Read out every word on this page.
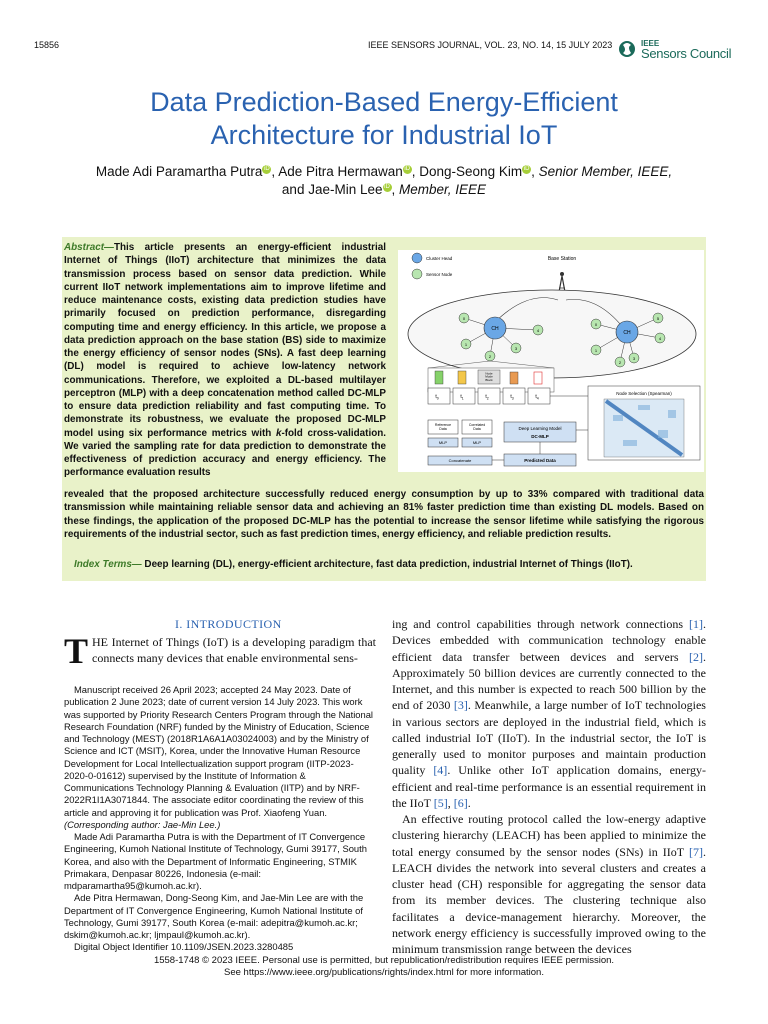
15856	IEEE SENSORS JOURNAL, VOL. 23, NO. 14, 15 JULY 2023	IEEE
Sensors Council
Data Prediction-Based Energy-Efficient
Architecture for Industrial IoT
Made Adi Paramartha Putra iD , Ade Pitra Hermawan iD , Dong-Seong Kim iD , Senior Member, IEEE,
and Jae-Min Lee iD , Member, IEEE
Abstract—This article presents an energy-efficient industrial Internet of Things (IIoT) architecture that minimizes the data transmission process based on sensor data prediction. While current IIoT network implementations aim to improve lifetime and reduce maintenance costs, existing data prediction studies have primarily focused on prediction performance, disregarding computing time and energy efficiency. In this article, we propose a data prediction approach on the base station (BS) side to maximize the energy efficiency of sensor nodes (SNs). A fast deep learning (DL) model is required to achieve low-latency network communications. Therefore, we exploited a DL-based multilayer perceptron (MLP) with a deep concatenation method called DC-MLP to ensure data prediction reliability and fast computing time. To demonstrate its robustness, we evaluate the proposed DC-MLP model using six performance metrics with k-fold cross-validation. We varied the sampling rate for data prediction to demonstrate the effectiveness of prediction accuracy and energy efficiency. The performance evaluation results
revealed that the proposed architecture successfully reduced energy consumption by up to 33% compared with traditional data transmission while maintaining reliable sensor data and achieving an 81% faster prediction time than existing DL models. Based on these findings, the application of the proposed DC-MLP has the potential to increase the sensor lifetime while satisfying the rigorous requirements of the industrial sector, such as fast prediction times, energy efficiency, and reliable prediction results.
Index Terms— Deep learning (DL), energy-efficient architecture, fast data prediction, industrial Internet of Things (IIoT).
Base Station
Cluster Head
Sensor Node
CH
0
1
2
3
4	CH
0
1
2
3
4
5
Node Mode Block
$t_0$	$t_1$	$t_2$	$t_3$	$t_4$
Node Selection (Spearman)
Reference Data
Correlated Data
MLP	MLP
Concatenate
Deep Learning Model
DC-MLP
Predicted Data
I. INTRODUCTION
THE Internet of Things (IoT) is a developing paradigm that connects many devices that enable environmental sens-

Manuscript received 26 April 2023; accepted 24 May 2023. Date of publication 2 June 2023; date of current version 14 July 2023. This work was supported by Priority Research Centers Program through the National Research Foundation (NRF) funded by the Ministry of Education, Science and Technology (MEST) (2018R1A6A1A03024003) and by the Ministry of Science and ICT (MSIT), Korea, under the Innovative Human Resource Development for Local Intellectualization support program (IITP-2023-2020-0-01612) supervised by the Institute of Information & Communications Technology Planning & Evaluation (IITP) and by NRF-2022R1I1A3071844. The associate editor coordinating the review of this article and approving it for publication was Prof. Xiaofeng Yuan. (Corresponding author: Jae-Min Lee.)

Made Adi Paramartha Putra is with the Department of IT Convergence Engineering, Kumoh National Institute of Technology, Gumi 39177, South Korea, and also with the Department of Informatic Engineering, STMIK Primakara, Denpasar 80226, Indonesia (e-mail: mdparamartha95@kumoh.ac.kr).

Ade Pitra Hermawan, Dong-Seong Kim, and Jae-Min Lee are with the Department of IT Convergence Engineering, Kumoh National Institute of Technology, Gumi 39177, South Korea (e-mail: adepitra@kumoh.ac.kr; dskim@kumoh.ac.kr; ljmpaul@kumoh.ac.kr).

Digital Object Identifier 10.1109/JSEN.2023.3280485

ing and control capabilities through network connections [1]. Devices embedded with communication technology enable efficient data transfer between devices and servers [2]. Approximately 50 billion devices are currently connected to the Internet, and this number is expected to reach 500 billion by the end of 2030 [3]. Meanwhile, a large number of IoT technologies in various sectors are deployed in the industrial field, which is called industrial IoT (IIoT). In the industrial sector, the IoT is generally used to monitor purposes and maintain production quality [4]. Unlike other IoT application domains, energy-efficient and real-time performance is an essential requirement in the IIoT [5], [6].

An effective routing protocol called the low-energy adaptive clustering hierarchy (LEACH) has been applied to minimize the total energy consumed by the sensor nodes (SNs) in IIoT [7]. LEACH divides the network into several clusters and creates a cluster head (CH) responsible for aggregating the sensor data from its member devices. The clustering technique also facilitates a device-management hierarchy. Moreover, the network energy efficiency is successfully improved owing to the minimum transmission range between the devices

1558-1748 © 2023 IEEE. Personal use is permitted, but republication/redistribution requires IEEE permission.
See https://www.ieee.org/publications/rights/index.html for more information.
